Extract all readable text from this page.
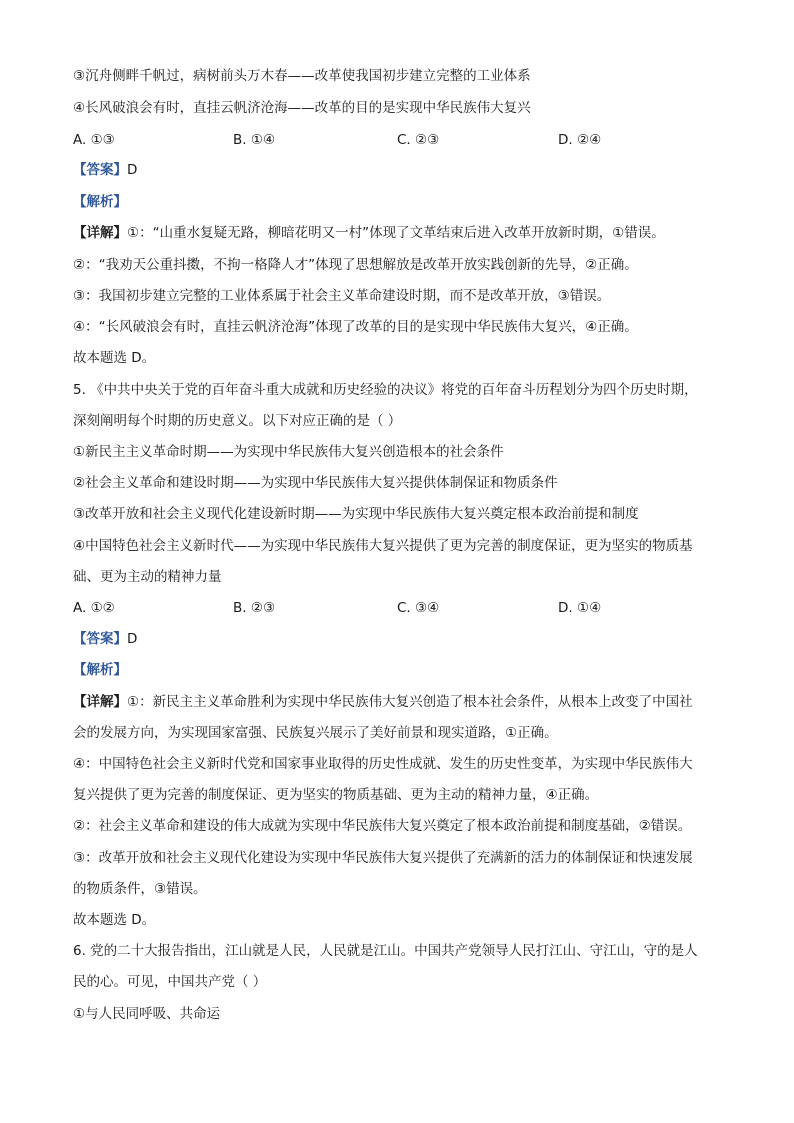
③沉舟侧畔千帆过，病树前头万木春——改革使我国初步建立完整的工业体系
④长风破浪会有时，直挂云帆济沧海——改革的目的是实现中华民族伟大复兴
A. ①③	B. ①④	C. ②③	D. ②④
【答案】D
【解析】
【详解】①：“山重水复疑无路，柳暗花明又一村”体现了文革结束后进入改革开放新时期，①错误。
②：“我劝天公重抖擞，不拘一格降人才”体现了思想解放是改革开放实践创新的先导，②正确。
③：我国初步建立完整的工业体系属于社会主义革命建设时期，而不是改革开放，③错误。
④：“长风破浪会有时，直挂云帆济沧海”体现了改革的目的是实现中华民族伟大复兴，④正确。
故本题选 D。
5. 《中共中央关于党的百年奋斗重大成就和历史经验的决议》将党的百年奋斗历程划分为四个历史时期，
深刻阐明每个时期的历史意义。以下对应正确的是（ ）
①新民主主义革命时期——为实现中华民族伟大复兴创造根本的社会条件
②社会主义革命和建设时期——为实现中华民族伟大复兴提供体制保证和物质条件
③改革开放和社会主义现代化建设新时期——为实现中华民族伟大复兴奠定根本政治前提和制度
④中国特色社会主义新时代——为实现中华民族伟大复兴提供了更为完善的制度保证，更为坚实的物质基
础、更为主动的精神力量
A. ①②	B. ②③	C. ③④	D. ①④
【答案】D
【解析】
【详解】①：新民主主义革命胜利为实现中华民族伟大复兴创造了根本社会条件，从根本上改变了中国社
会的发展方向，为实现国家富强、民族复兴展示了美好前景和现实道路，①正确。
④：中国特色社会主义新时代党和国家事业取得的历史性成就、发生的历史性变革，为实现中华民族伟大
复兴提供了更为完善的制度保证、更为坚实的物质基础、更为主动的精神力量，④正确。
②：社会主义革命和建设的伟大成就为实现中华民族伟大复兴奠定了根本政治前提和制度基础，②错误。
③：改革开放和社会主义现代化建设为实现中华民族伟大复兴提供了充满新的活力的体制保证和快速发展
的物质条件，③错误。
故本题选 D。
6. 党的二十大报告指出，江山就是人民，人民就是江山。中国共产党领导人民打江山、守江山，守的是人
民的心。可见，中国共产党（ ）
①与人民同呼吸、共命运
